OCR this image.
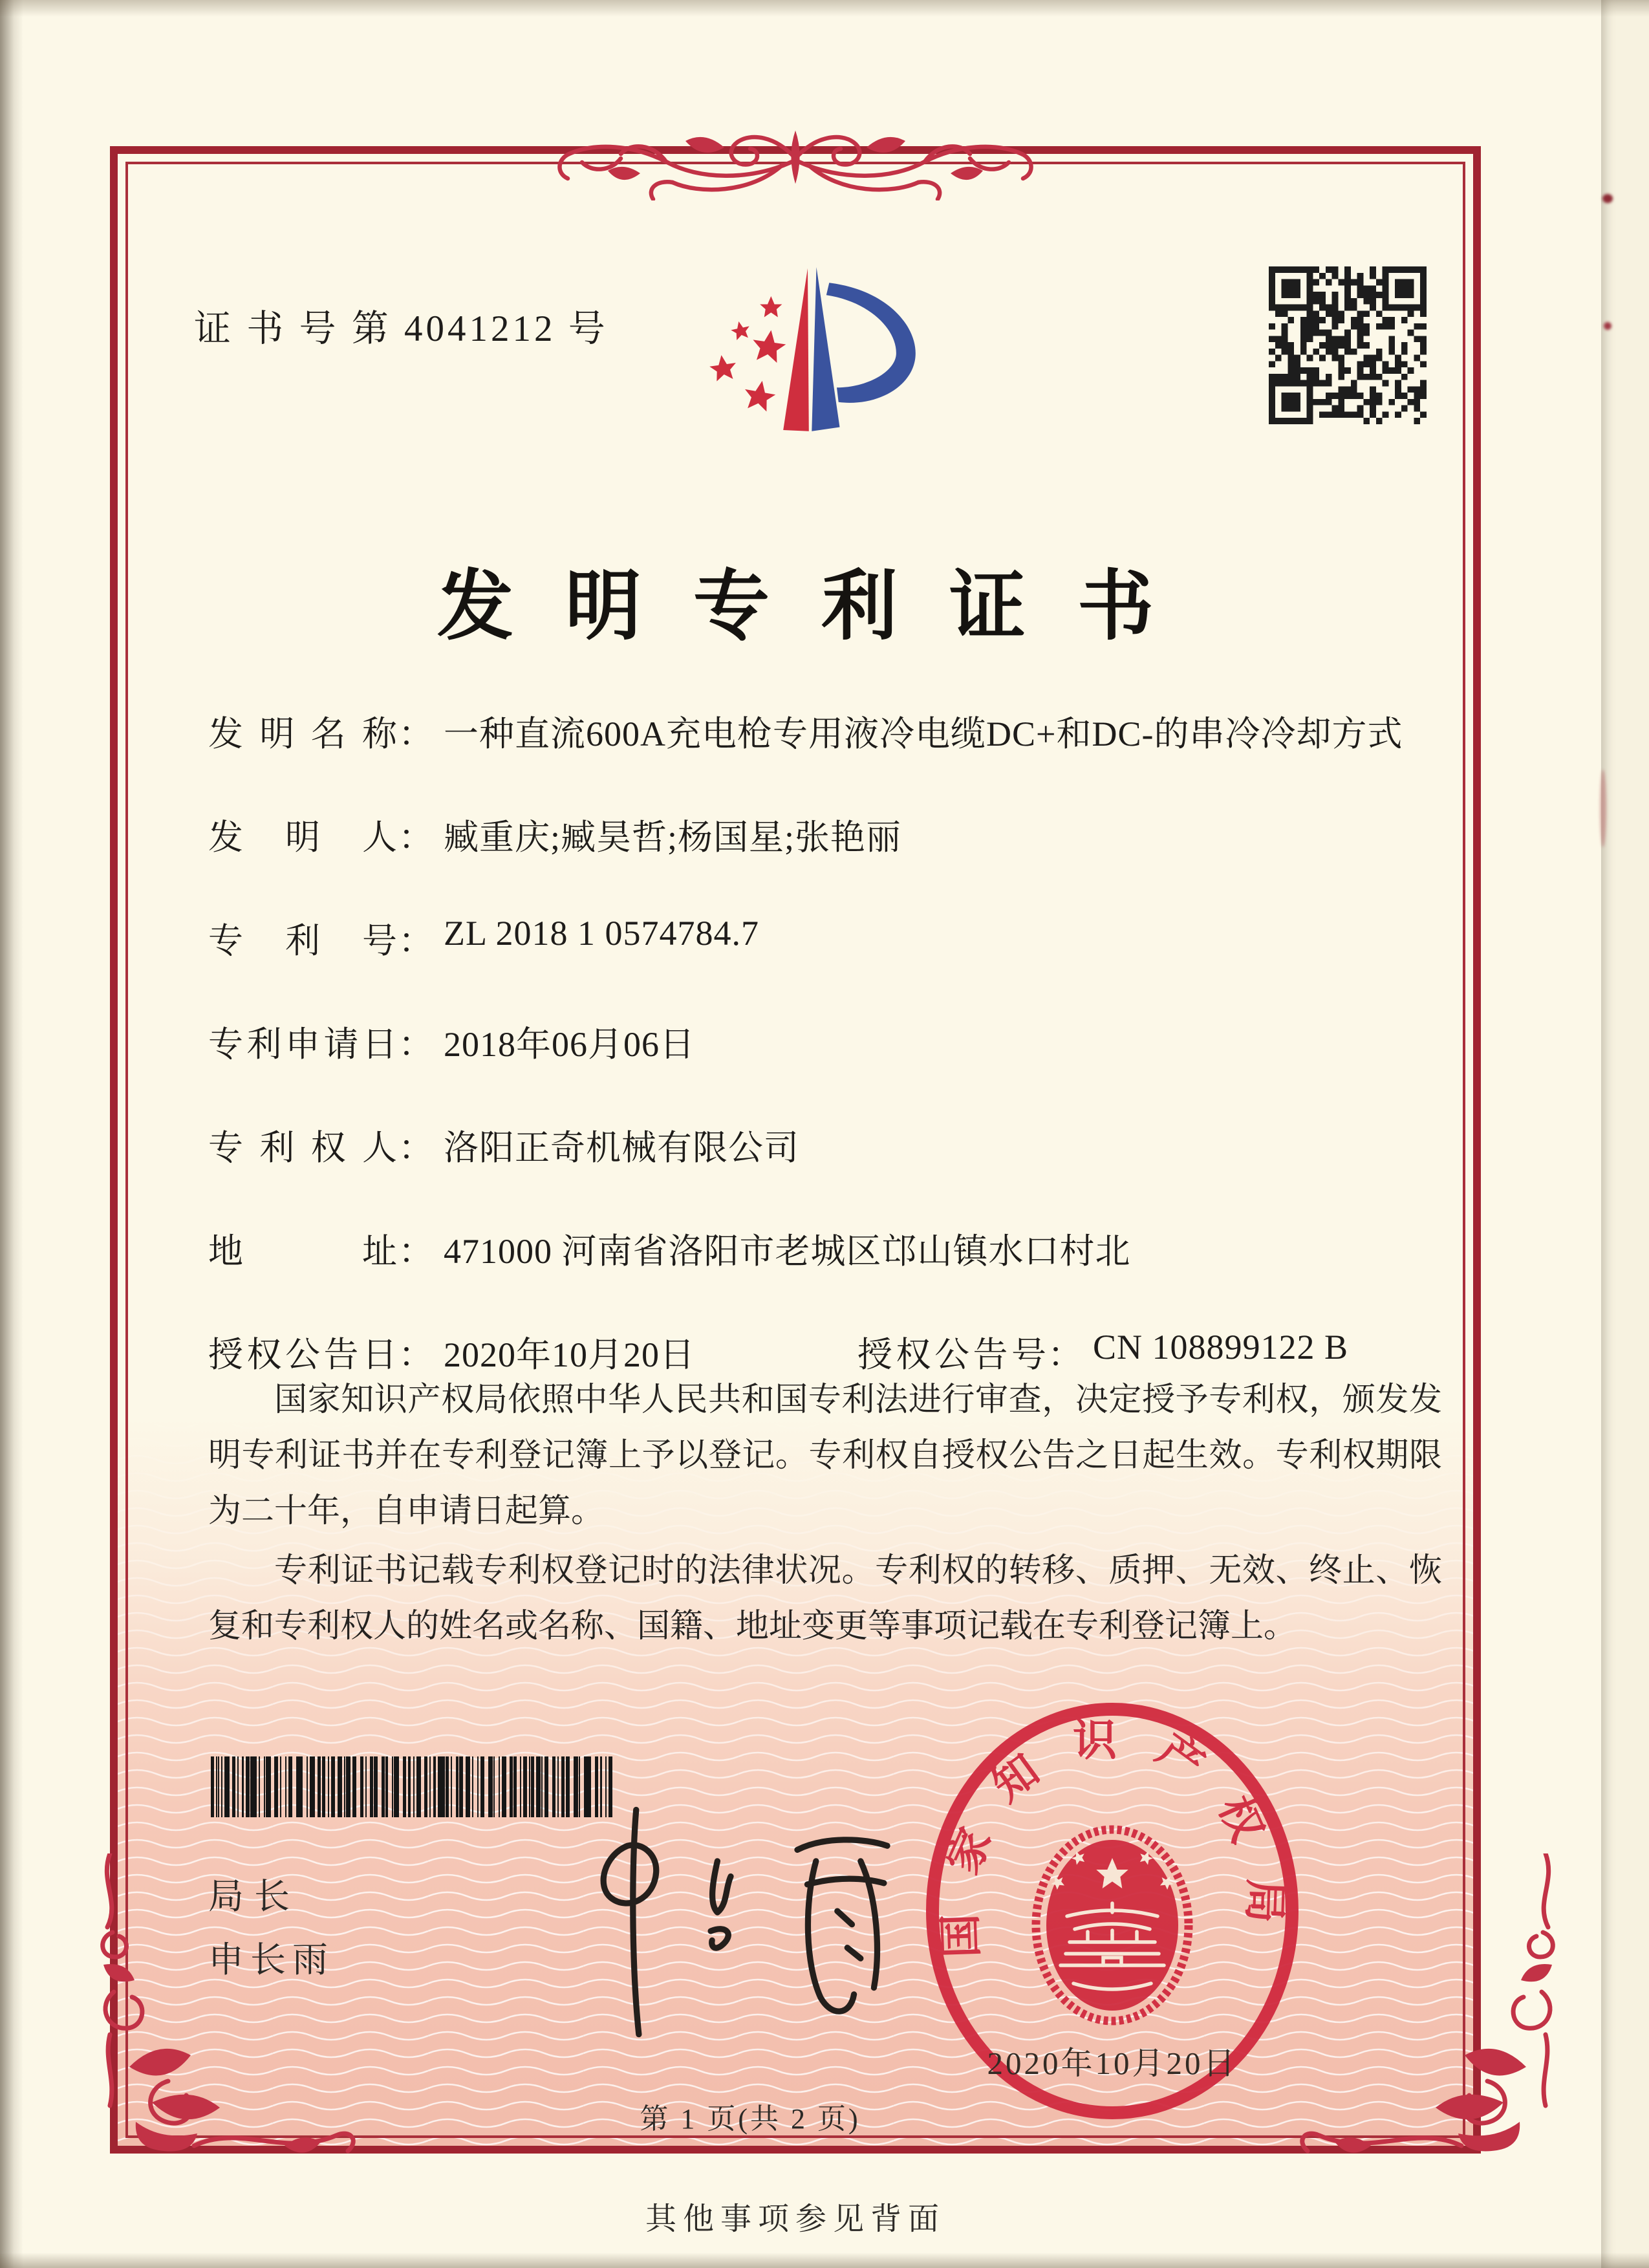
证 书 号 第 4041212 号
发明专利证书
发明名称： 一种直流600A充电枪专用液冷电缆DC+和DC-的串冷冷却方式
发明人： 臧重庆;臧昊哲;杨国星;张艳丽
专利号： ZL 2018 1 0574784.7
专利申请日： 2018年06月06日
专利权人： 洛阳正奇机械有限公司
地址： 471000 河南省洛阳市老城区邙山镇水口村北
授权公告日： 2020年10月20日	授权公告号： CN 108899122 B

国家知识产权局依照中华人民共和国专利法进行审查，决定授予专利权，颁发发明专利证书并在专利登记簿上予以登记。专利权自授权公告之日起生效。专利权期限为二十年，自申请日起算。

专利证书记载专利权登记时的法律状况。专利权的转移、质押、无效、终止、恢复和专利权人的姓名或名称、国籍、地址变更等事项记载在专利登记簿上。

局长
申长雨
国家知识产权局
2020年10月20日
第 1 页(共 2 页)
其他事项参见背面
